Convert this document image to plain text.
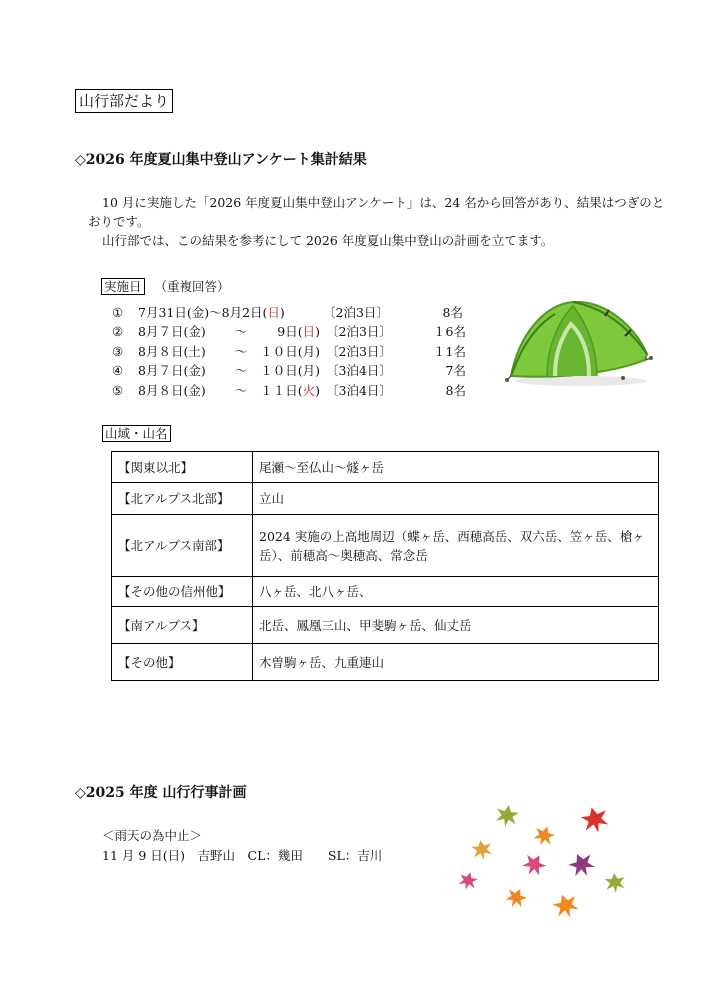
山行部だより
◇2026 年度夏山集中登山アンケート集計結果

10 月に実施した「2026 年度夏山集中登山アンケート」は、24 名から回答があり、結果はつぎのとおりです。

山行部では、この結果を参考にして 2026 年度夏山集中登山の計画を立てます。

実施日 （重複回答）
①	7月31日(金)〜8月2日(日)	〔2泊3日〕	8名
②	8月７日(金)	〜	9日(日) 〔2泊3日〕	１6名
③	8月８日(土)	〜	１０日(月) 〔2泊3日〕	１1名
④	8月７日(金)	〜	１０日(月) 〔3泊4日〕	7名
⑤	8月８日(金)	〜	１１日(火) 〔3泊4日〕	8名
山域・山名
【関東以北】	尾瀬〜至仏山〜燧ヶ岳
【北アルプス北部】	立山
【北アルプス南部】	2024 実施の上高地周辺（蝶ヶ岳、西穂高岳、双六岳、笠ヶ岳、槍ヶ岳）、前穂高〜奥穂高、常念岳
【その他の信州他】	八ヶ岳、北八ヶ岳、
【南アルプス】	北岳、鳳凰三山、甲斐駒ヶ岳、仙丈岳
【その他】	木曽駒ヶ岳、九重連山
◇2025 年度 山行行事計画
＜雨天の為中止＞
11 月 9 日(日)　吉野山　CL：幾田　　SL：吉川
